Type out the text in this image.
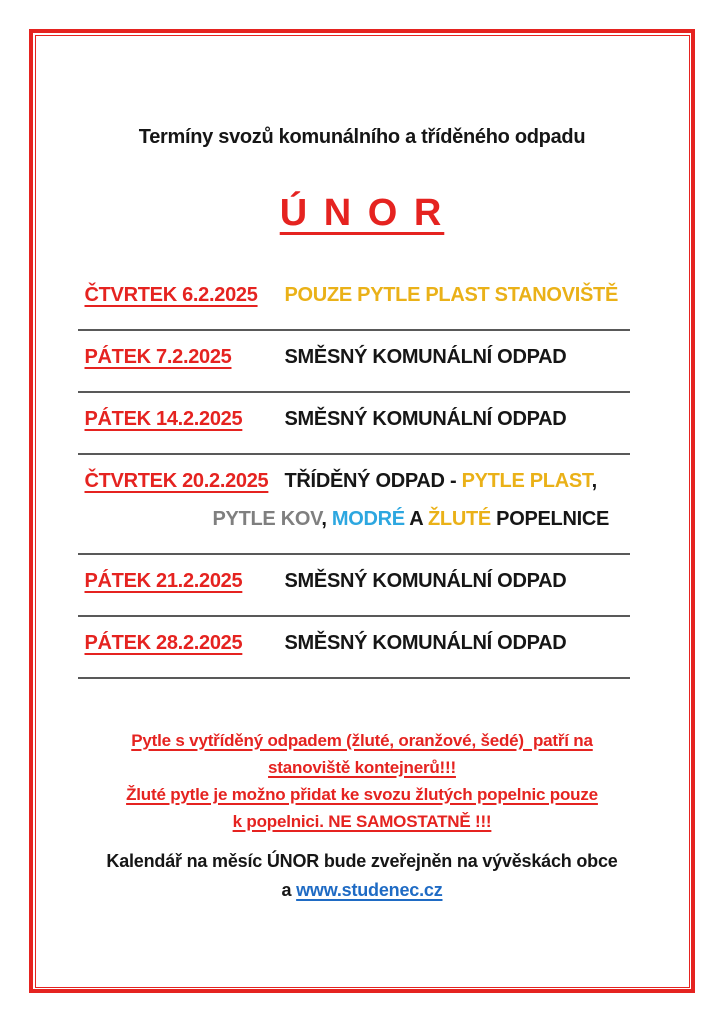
Termíny svozů komunálního a tříděného odpadu
Ú N O R
ČTVRTEK 6.2.2025	POUZE PYTLE PLAST STANOVIŠTĚ
PÁTEK 7.2.2025	SMĚSNÝ KOMUNÁLNÍ ODPAD
PÁTEK 14.2.2025	SMĚSNÝ KOMUNÁLNÍ ODPAD
ČTVRTEK 20.2.2025 TŘÍDĚNÝ ODPAD - PYTLE PLAST,
PYTLE KOV, MODRÉ A ŽLUTÉ POPELNICE
PÁTEK 21.2.2025	SMĚSNÝ KOMUNÁLNÍ ODPAD
PÁTEK 28.2.2025	SMĚSNÝ KOMUNÁLNÍ ODPAD
Pytle s vytříděný odpadem (žluté, oranžové, šedé)  patří na
stanoviště kontejnerů!!!
Žluté pytle je možno přidat ke svozu žlutých popelnic pouze
k popelnici. NE SAMOSTATNĚ !!!
Kalendář na měsíc ÚNOR bude zveřejněn na vývěskách obce
a www.studenec.cz
